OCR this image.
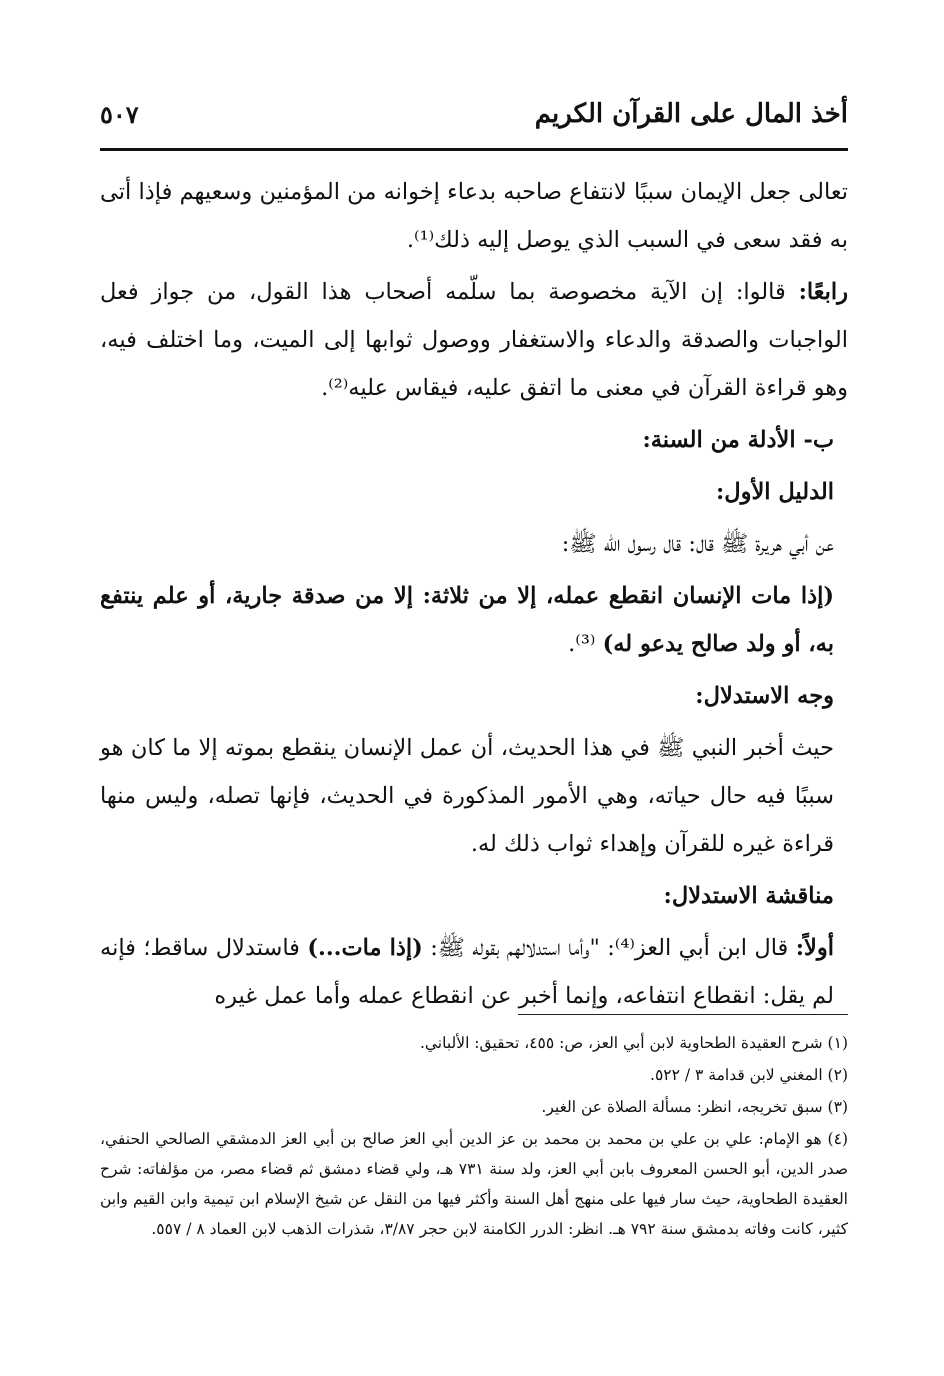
أخذ المال على القرآن الكريم
٥٠٧

تعالى جعل الإيمان سببًا لانتفاع صاحبه بدعاء إخوانه من المؤمنين وسعيهم فإذا أتى به فقد سعى في السبب الذي يوصل إليه ذلك⁽¹⁾.

رابعًا: قالوا: إن الآية مخصوصة بما سلّمه أصحاب هذا القول، من جواز فعل الواجبات والصدقة والدعاء والاستغفار ووصول ثوابها إلى الميت، وما اختلف فيه، وهو قراءة القرآن في معنى ما اتفق عليه، فيقاس عليه⁽²⁾.

ب- الأدلة من السنة:

الدليل الأول:

عن أبي هريرة ﷺ قال: قال رسول الله ﷺ:

(إذا مات الإنسان انقطع عمله، إلا من ثلاثة: إلا من صدقة جارية، أو علم ينتفع به، أو ولد صالح يدعو له) ⁽³⁾.

وجه الاستدلال:

حيث أخبر النبي ﷺ في هذا الحديث، أن عمل الإنسان ينقطع بموته إلا ما كان هو سببًا فيه حال حياته، وهي الأمور المذكورة في الحديث، فإنها تصله، وليس منها قراءة غيره للقرآن وإهداء ثواب ذلك له.

مناقشة الاستدلال:

أولاً: قال ابن أبي العز⁽⁴⁾: "وأما استدلالهم بقوله ﷺ: (إذا مات...) فاستدلال ساقط؛ فإنه لم يقل: انقطاع انتفاعه، وإنما أخبر عن انقطاع عمله وأما عمل غيره

(١) شرح العقيدة الطحاوية لابن أبي العز، ص: ٤٥٥، تحقيق: الألباني.

(٢) المغني لابن قدامة ٣ / ٥٢٢.

(٣) سبق تخريجه، انظر: مسألة الصلاة عن الغير.

(٤) هو الإمام: علي بن علي بن محمد بن محمد بن عز الدين أبي العز صالح بن أبي العز الدمشقي الصالحي الحنفي، صدر الدين، أبو الحسن المعروف بابن أبي العز، ولد سنة ٧٣١ هـ، ولي قضاء دمشق ثم قضاء مصر، من مؤلفاته: شرح العقيدة الطحاوية، حيث سار فيها على منهج أهل السنة وأكثر فيها من النقل عن شيخ الإسلام ابن تيمية وابن القيم وابن كثير، كانت وفاته بدمشق سنة ٧٩٢ هـ. انظر: الدرر الكامنة لابن حجر ٣/٨٧، شذرات الذهب لابن العماد ٨ / ٥٥٧.
